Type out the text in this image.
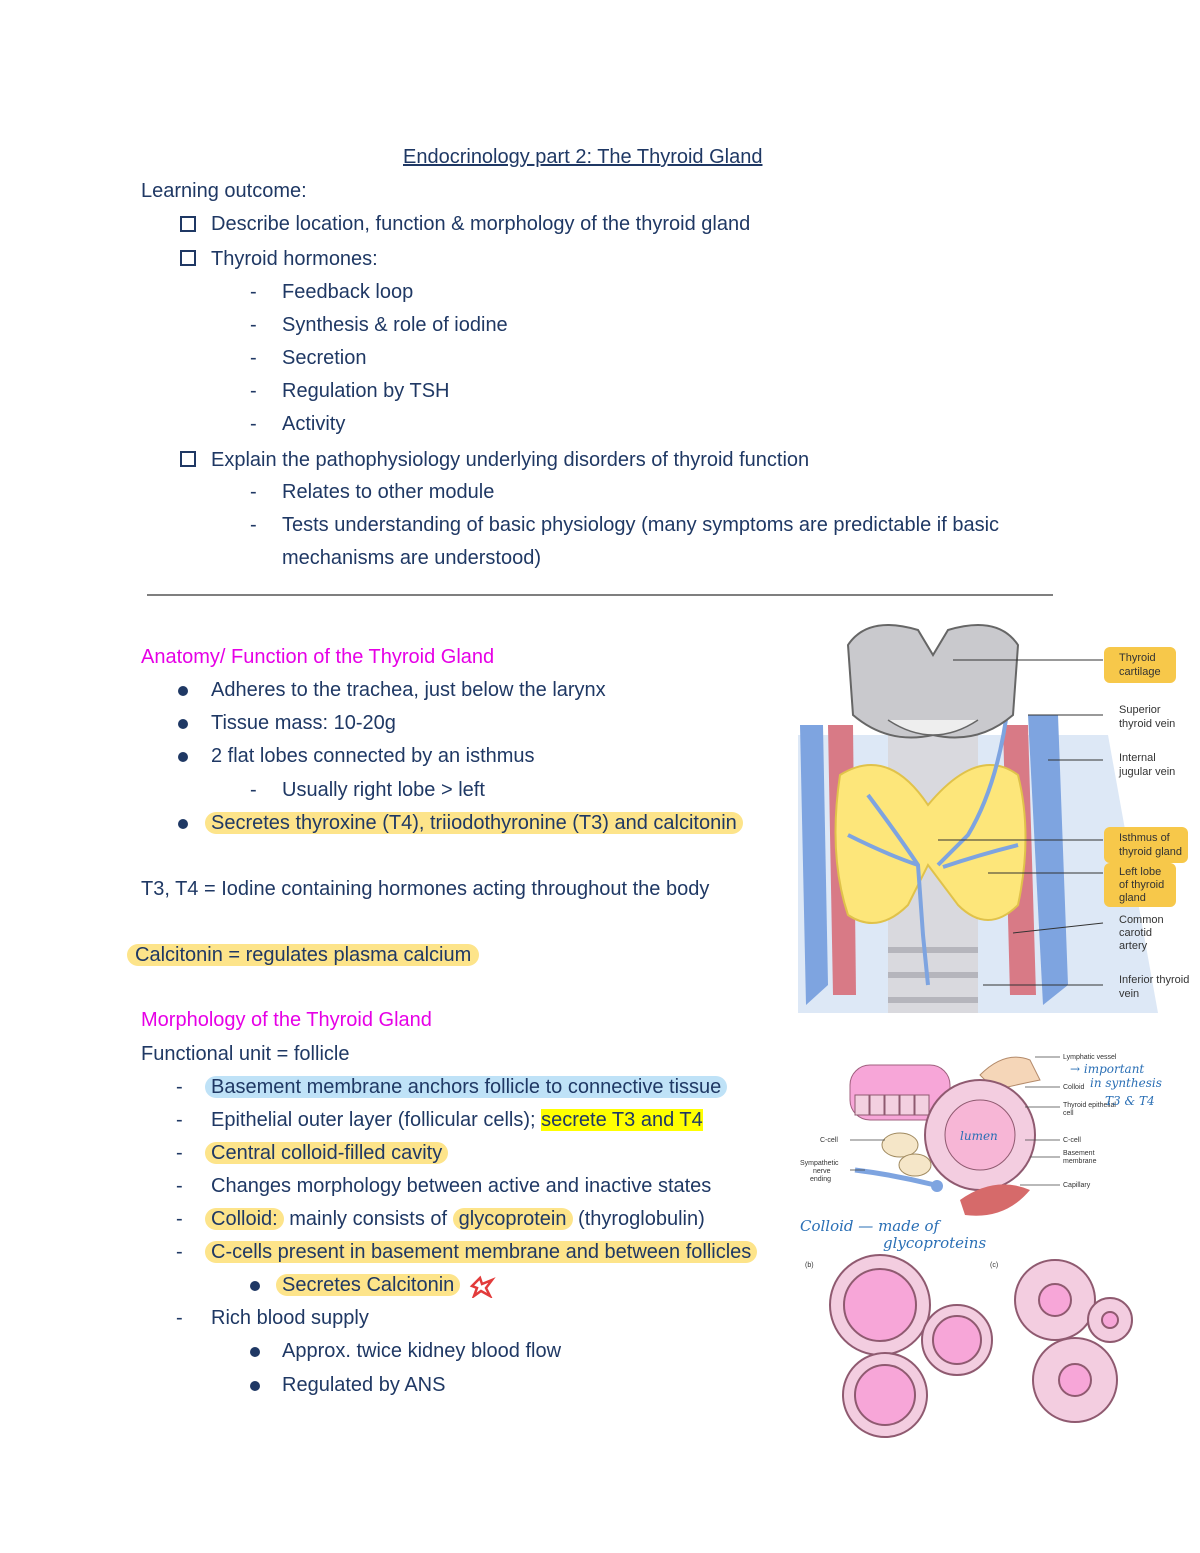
Endocrinology part 2: The Thyroid Gland
Learning outcome:
Describe location, function & morphology of the thyroid gland
Thyroid hormones:
- Feedback loop
- Synthesis & role of iodine
- Secretion
- Regulation by TSH
- Activity
Explain the pathophysiology underlying disorders of thyroid function
- Relates to other module
- Tests understanding of basic physiology (many symptoms are predictable if basic
mechanisms are understood)
Anatomy/ Function of the Thyroid Gland
Adheres to the trachea, just below the larynx
Tissue mass: 10-20g
2 flat lobes connected by an isthmus
- Usually right lobe > left
Secretes thyroxine (T4), triiodothyronine (T3) and calcitonin
T3, T4 = Iodine containing hormones acting throughout the body
Calcitonin = regulates plasma calcium
Morphology of the Thyroid Gland
Functional unit = follicle
- Basement membrane anchors follicle to connective tissue
- Epithelial outer layer (follicular cells); secrete T3 and T4
- Central colloid-filled cavity
- Changes morphology between active and inactive states
- Colloid: mainly consists of glycoprotein (thyroglobulin)
- C-cells present in basement membrane and between follicles
Secretes Calcitonin
- Rich blood supply
Approx. twice kidney blood flow
Regulated by ANS
Thyroid
cartilage
Superior
thyroid vein
Internal
jugular vein
Isthmus of
thyroid gland
Left lobe
of thyroid
gland
Common
carotid
artery
Inferior thyroid
vein
lumen
Lymphatic vessel
Colloid
Thyroid epithelial
cell
C-cell
Basement
membrane
Capillary
C-cell
Sympathetic
nerve
ending
(b)	(c)
→ important
in synthesis
T3 & T4
Colloid — made of
glycoproteins
